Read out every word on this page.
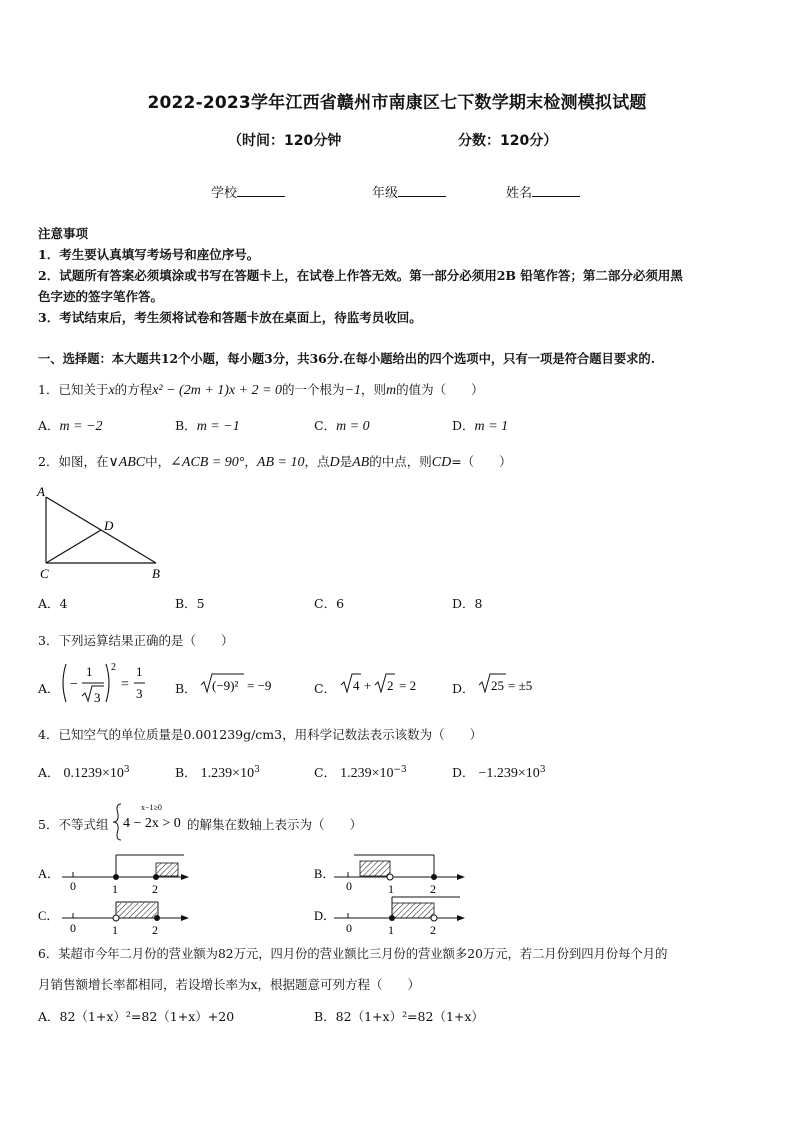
2022-2023学年江西省赣州市南康区七下数学期末检测模拟试题
（时间：120分钟	分数：120分）
学校	年级	姓名
注意事项
1．考生要认真填写考场号和座位序号。
2．试题所有答案必须填涂或书写在答题卡上，在试卷上作答无效。第一部分必须用2B 铅笔作答；第二部分必须用黑
色字迹的签字笔作答。
3．考试结束后，考生须将试卷和答题卡放在桌面上，待监考员收回。
一、选择题：本大题共12个小题，每小题3分，共36分.在每小题给出的四个选项中，只有一项是符合题目要求的.
1．已知关于x的方程x² − (2m + 1)x + 2 = 0的一个根为−1，则m的值为（　　）
A．m = −2	B．m = −1	C．m = 0	D．m = 1
2．如图，在∨ABC中，∠ACB = 90°，AB = 10，点D是AB的中点，则CD=（　　）
A
D
C	B
A．4	B．5	C．6	D．8
3．下列运算结果正确的是（　　）
A． −
1
3
2
=
1
3
(−9)² = −9	4 + 2 = 2	25 = ±5
B．	C．	D．
4．已知空气的单位质量是0.001239g/cm3，用科学记数法表示该数为（　　）
A． $0.1239\times 10^3$	B． $1.239\times 10^3$	C． $1.239\times 10^{-3}$	D． $-1.239\times 10^3$
5．不等式组
x−1≥0
4 − 2x > 0 的解集在数轴上表示为（　　）
A．
0	1	2
B．
0	1	2
C．
0	1	2
D．
0	1	2
6．某超市今年二月份的营业额为82万元，四月份的营业额比三月份的营业额多20万元，若二月份到四月份每个月的
月销售额增长率都相同，若设增长率为x，根据题意可列方程（　　）
A．82（1+x）²=82（1+x）+20	B．82（1+x）²=82（1+x）
